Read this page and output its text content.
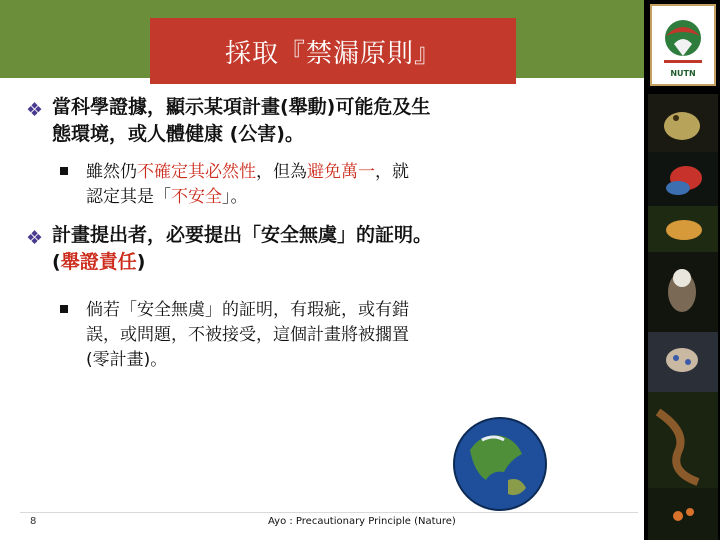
採取『禁漏原則』
NUTN
❖ 當科學證據，顯示某項計畫(舉動)可能危及生
態環境，或人體健康 (公害)。
雖然仍不確定其必然性，但為避免萬一，就
認定其是「不安全」。
❖ 計畫提出者，必要提出「安全無虞」的証明。
(舉證責任)
倘若「安全無虞」的証明，有瑕疵，或有錯
誤，或問題，不被接受，這個計畫將被擱置
(零計畫)。
8	Ayo : Precautionary Principle (Nature)
